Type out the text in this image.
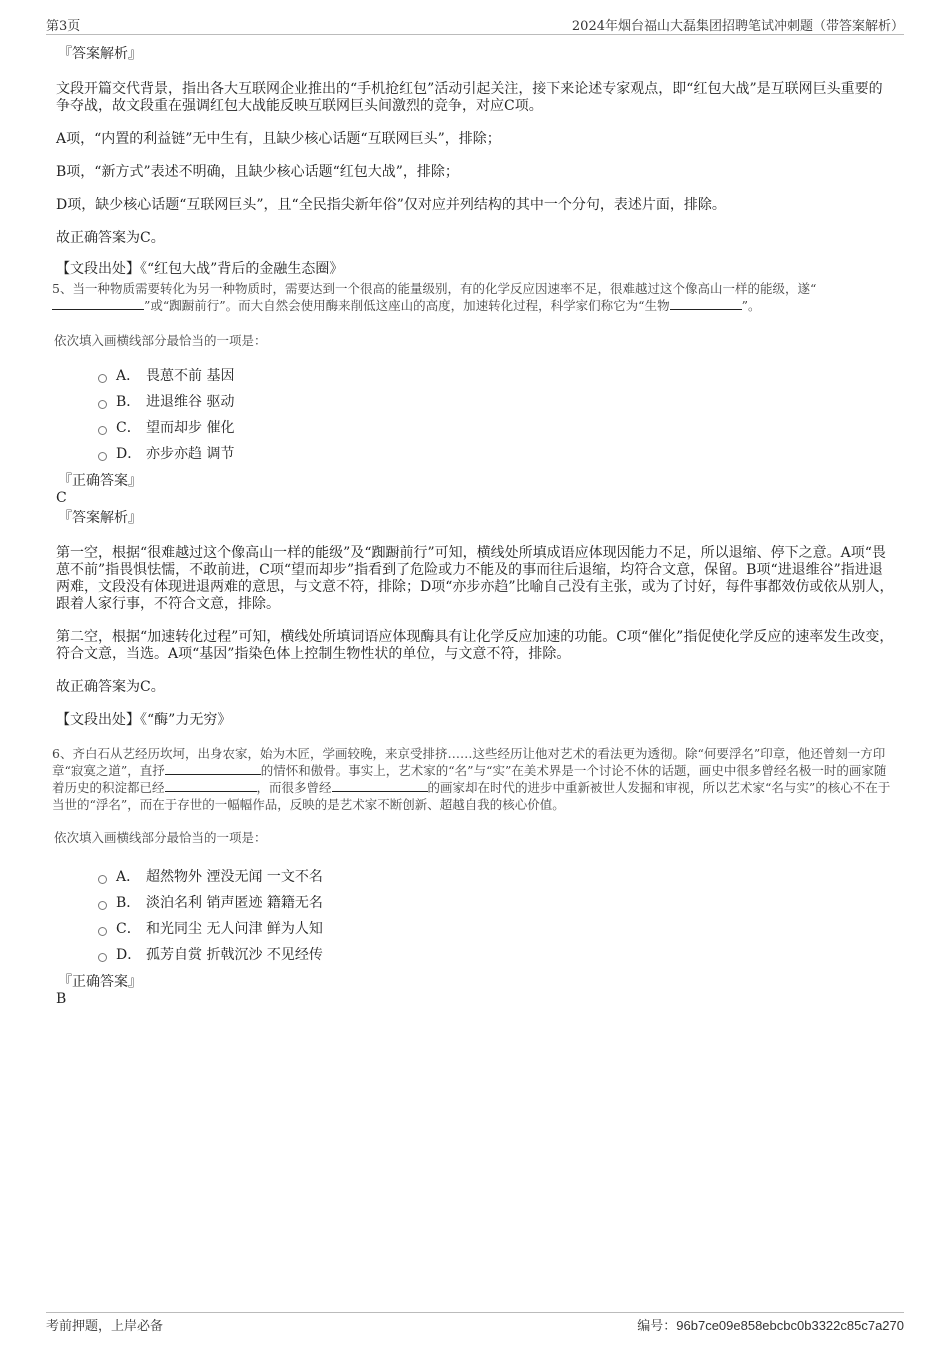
第3页	2024年烟台福山大磊集团招聘笔试冲刺题（带答案解析）

『答案解析』

文段开篇交代背景，指出各大互联网企业推出的“手机抢红包”活动引起关注，接下来论述专家观点，即“红包大战”是互联网巨头重要的争夺战，故文段重在强调红包大战能反映互联网巨头间激烈的竞争，对应C项。

A项，“内置的利益链”无中生有，且缺少核心话题“互联网巨头”，排除；

B项，“新方式”表述不明确，且缺少核心话题“红包大战”，排除；

D项，缺少核心话题“互联网巨头”，且“全民指尖新年俗”仅对应并列结构的其中一个分句，表述片面，排除。

故正确答案为C。

【文段出处】《“红包大战”背后的金融生态圈》

5、当一种物质需要转化为另一种物质时，需要达到一个很高的能量级别，有的化学反应因速率不足，很难越过这个像高山一样的能级，遂“
”或“踟蹰前行”。而大自然会使用酶来削低这座山的高度，加速转化过程，科学家们称它为“生物	”。

依次填入画横线部分最恰当的一项是：

A． 畏葸不前 基因
B． 进退维谷 驱动
C． 望而却步 催化
D． 亦步亦趋 调节

『正确答案』

C

『答案解析』

第一空，根据“很难越过这个像高山一样的能级”及“踟蹰前行”可知，横线处所填成语应体现因能力不足，所以退缩、停下之意。A项“畏葸不前”指畏惧怯懦，不敢前进，C项“望而却步”指看到了危险或力不能及的事而往后退缩，均符合文意，保留。B项“进退维谷”指进退两难，文段没有体现进退两难的意思，与文意不符，排除；D项“亦步亦趋”比喻自己没有主张，或为了讨好，每件事都效仿或依从别人，跟着人家行事，不符合文意，排除。

第二空，根据“加速转化过程”可知，横线处所填词语应体现酶具有让化学反应加速的功能。C项“催化”指促使化学反应的速率发生改变，符合文意，当选。A项“基因”指染色体上控制生物性状的单位，与文意不符，排除。

故正确答案为C。

【文段出处】《“酶”力无穷》

6、齐白石从艺经历坎坷，出身农家，始为木匠，学画较晚，来京受排挤……这些经历让他对艺术的看法更为透彻。除“何要浮名”印章，他还曾刻一方印章“寂寞之道”，直抒	的情怀和傲骨。事实上，艺术家的“名”与“实”在美术界是一个讨论不休的话题，画史中很多曾经名极一时的画家随着历史的积淀都已经	，而很多曾经	的画家却在时代的进步中重新被世人发掘和审视，所以艺术家“名与实”的核心不在于当世的“浮名”，而在于存世的一幅幅作品，反映的是艺术家不断创新、超越自我的核心价值。

依次填入画横线部分最恰当的一项是：

A． 超然物外 湮没无闻 一文不名
B． 淡泊名利 销声匿迹 籍籍无名
C． 和光同尘 无人问津 鲜为人知
D． 孤芳自赏 折戟沉沙 不见经传

『正确答案』

B

考前押题，上岸必备	编号：96b7ce09e858ebcbc0b3322c85c7a270
